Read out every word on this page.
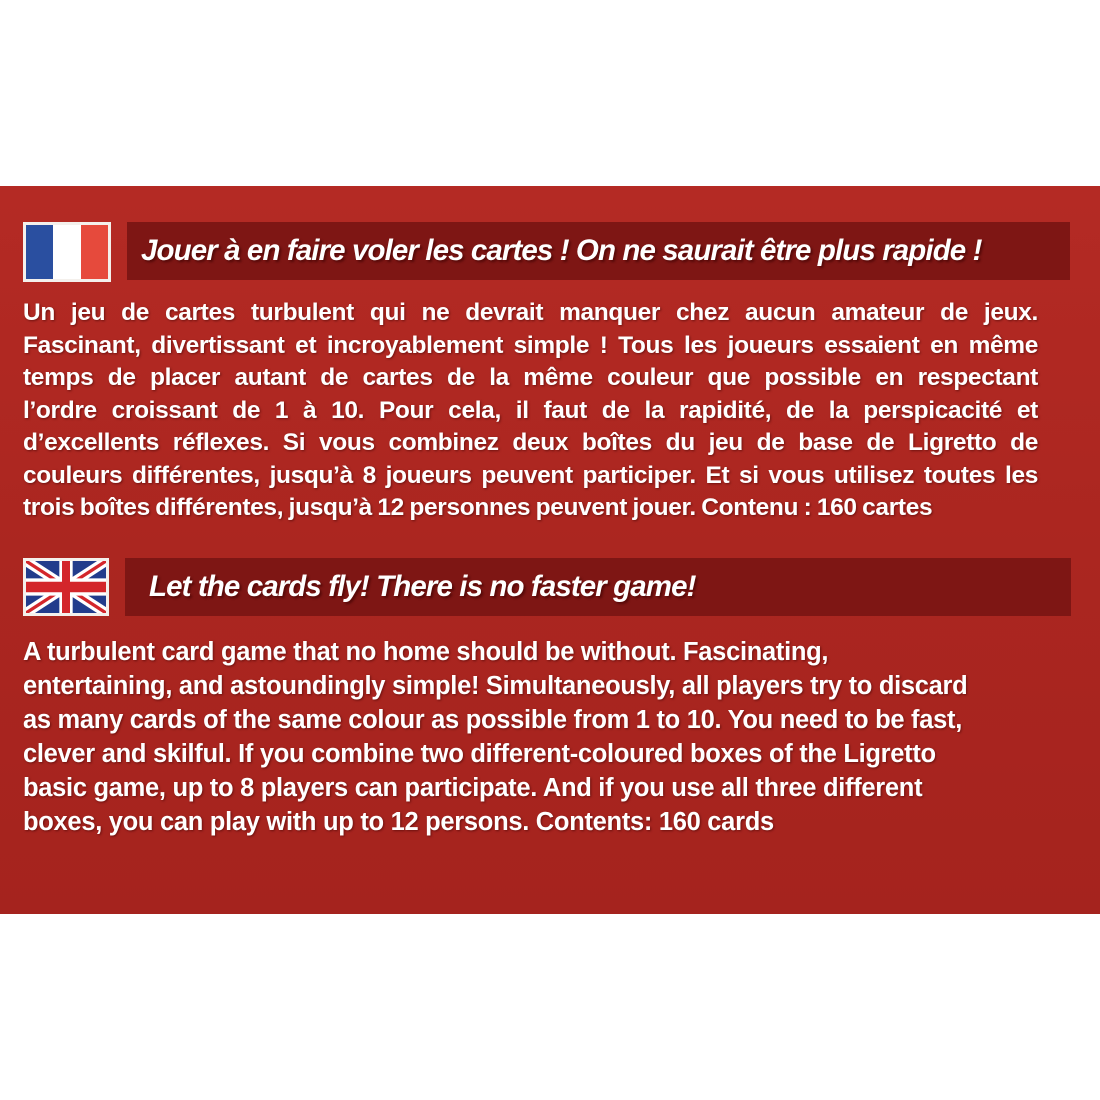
Jouer à en faire voler les cartes ! On ne saurait être plus rapide !
Un jeu de cartes turbulent qui ne devrait manquer chez aucun amateur de jeux.
Fascinant, divertissant et incroyablement simple ! Tous les joueurs essaient en même
temps de placer autant de cartes de la même couleur que possible en respectant
l’ordre croissant de 1 à 10. Pour cela, il faut de la rapidité, de la perspicacité et
d’excellents réflexes. Si vous combinez deux boîtes du jeu de base de Ligretto de
couleurs différentes, jusqu’à 8 joueurs peuvent participer. Et si vous utilisez toutes les
trois boîtes différentes, jusqu’à 12 personnes peuvent jouer. Contenu : 160 cartes
Let the cards fly! There is no faster game!
A turbulent card game that no home should be without. Fascinating,
entertaining, and astoundingly simple! Simultaneously, all players try to discard
as many cards of the same colour as possible from 1 to 10. You need to be fast,
clever and skilful. If you combine two different-coloured boxes of the Ligretto
basic game, up to 8 players can participate. And if you use all three different
boxes, you can play with up to 12 persons. Contents: 160 cards
